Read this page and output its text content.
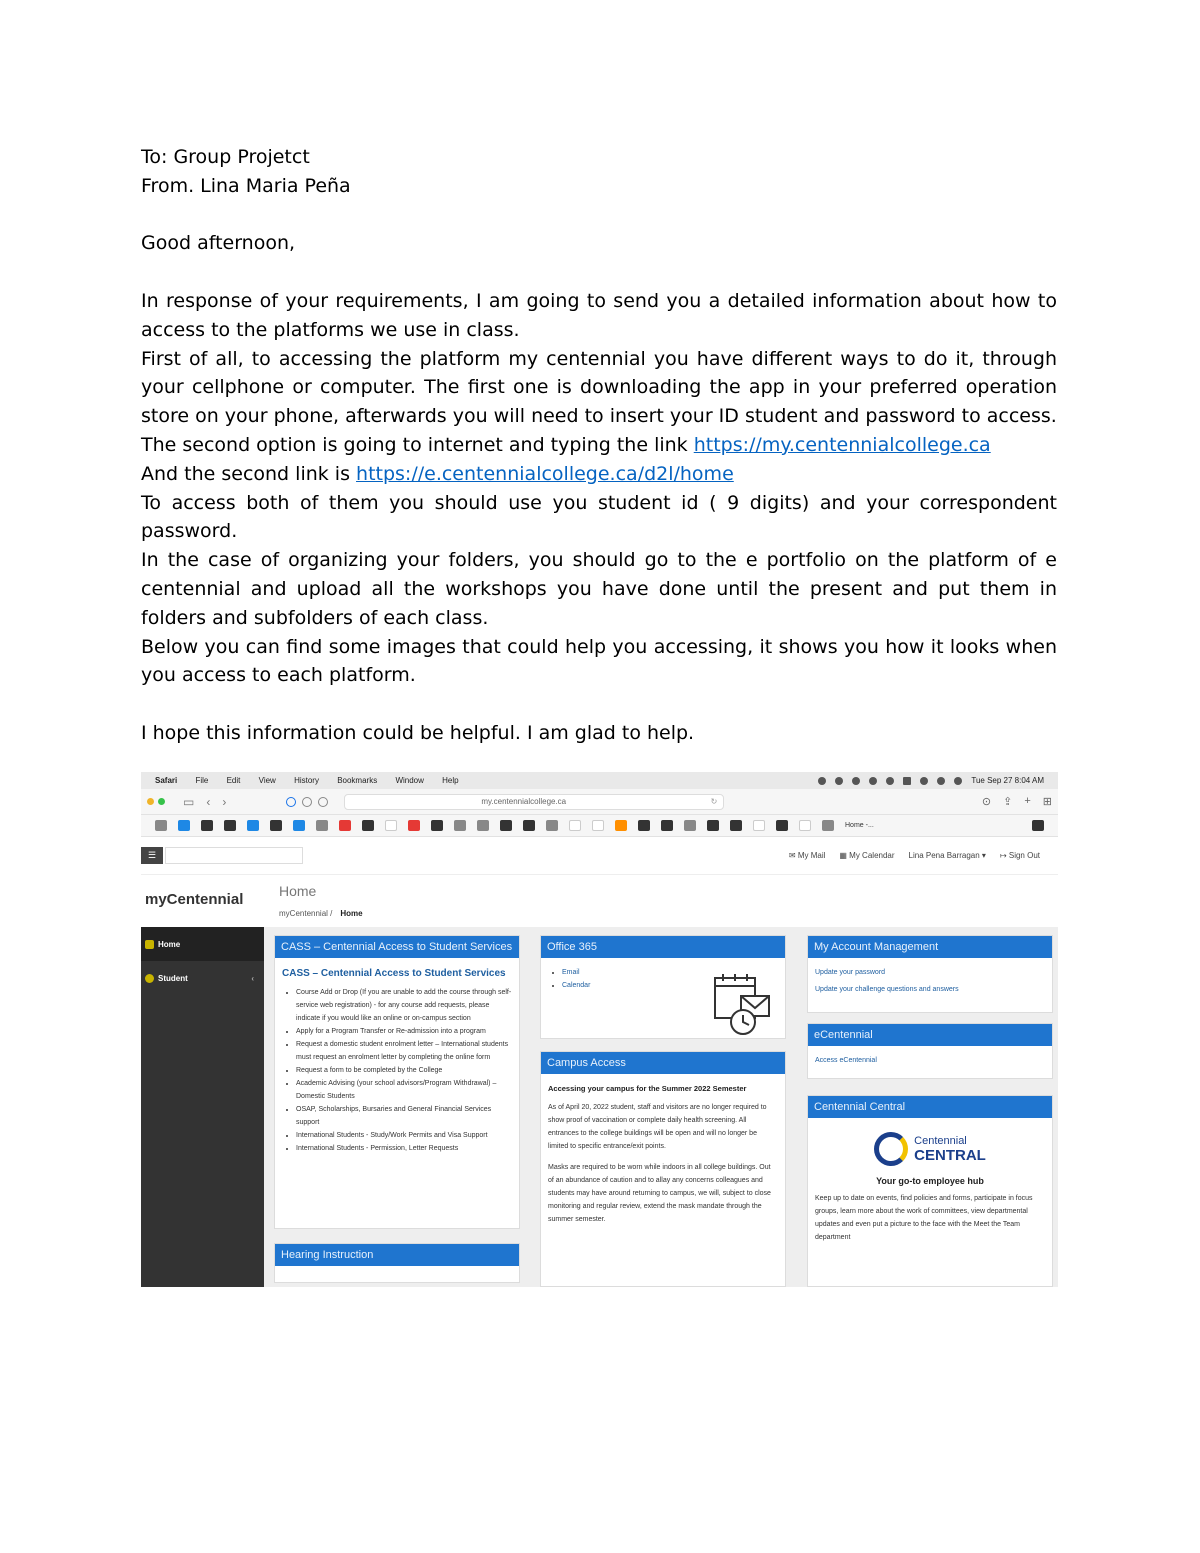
To: Group Projetct

From. Lina Maria Peña

Good afternoon,

In response of your requirements, I am going to send you a detailed information about how to access to the platforms we use in class.

First of all, to accessing the platform my centennial you have different ways to do it, through your cellphone or computer. The first one is downloading the app in your preferred operation store on your phone, afterwards you will need to insert your ID student and password to access.

The second option is going to internet and typing the link https://my.centennialcollege.ca

And the second link is https://e.centennialcollege.ca/d2l/home

To access both of them you should use you student id ( 9 digits) and your correspondent password.

In the case of organizing your folders, you should go to the e portfolio on the platform of e centennial and upload all the workshops you have done until the present and put them in folders and subfolders of each class.

Below you can find some images that could help you accessing, it shows you how it looks when you access to each platform.

I hope this information could be helpful. I am glad to help.

Safari File Edit View History Bookmarks Window Help	Tue Sep 27 8:04 AM
▭ ‹ ›	my.centennialcollege.ca	↻	⊙ ⇪ + ⊞
Home -...
☰	✉ My Mail ▦ My Calendar Lina Pena Barragan ▾ ↦ Sign Out
myCentennial	Home
myCentennial / Home
Home
Student	‹
CASS – Centennial Access to Student Services
CASS – Centennial Access to Student Services
• Course Add or Drop (If you are unable to add the course through self-service web registration) - for any course add requests, please indicate if you would like an online or on-campus section
• Apply for a Program Transfer or Re-admission into a program
• Request a domestic student enrolment letter – International students must request an enrolment letter by completing the online form
• Request a form to be completed by the College
• Academic Advising (your school advisors/Program Withdrawal) – Domestic Students
• OSAP, Scholarships, Bursaries and General Financial Services support
• International Students - Study/Work Permits and Visa Support
• International Students - Permission, Letter Requests
Hearing Instruction
Office 365
• Email
• Calendar
Campus Access
Accessing your campus for the Summer 2022 Semester

As of April 20, 2022 student, staff and visitors are no longer required to show proof of vaccination or complete daily health screening. All entrances to the college buildings will be open and will no longer be limited to specific entrance/exit points.

Masks are required to be worn while indoors in all college buildings. Out of an abundance of caution and to allay any concerns colleagues and students may have around returning to campus, we will, subject to close monitoring and regular review, extend the mask mandate through the summer semester.

My Account Management
Update your password
Update your challenge questions and answers
eCentennial
Access eCentennial
Centennial Central
Centennial
CENTRAL
Your go-to employee hub

Keep up to date on events, find policies and forms, participate in focus groups, learn more about the work of committees, view departmental updates and even put a picture to the face with the Meet the Team department
